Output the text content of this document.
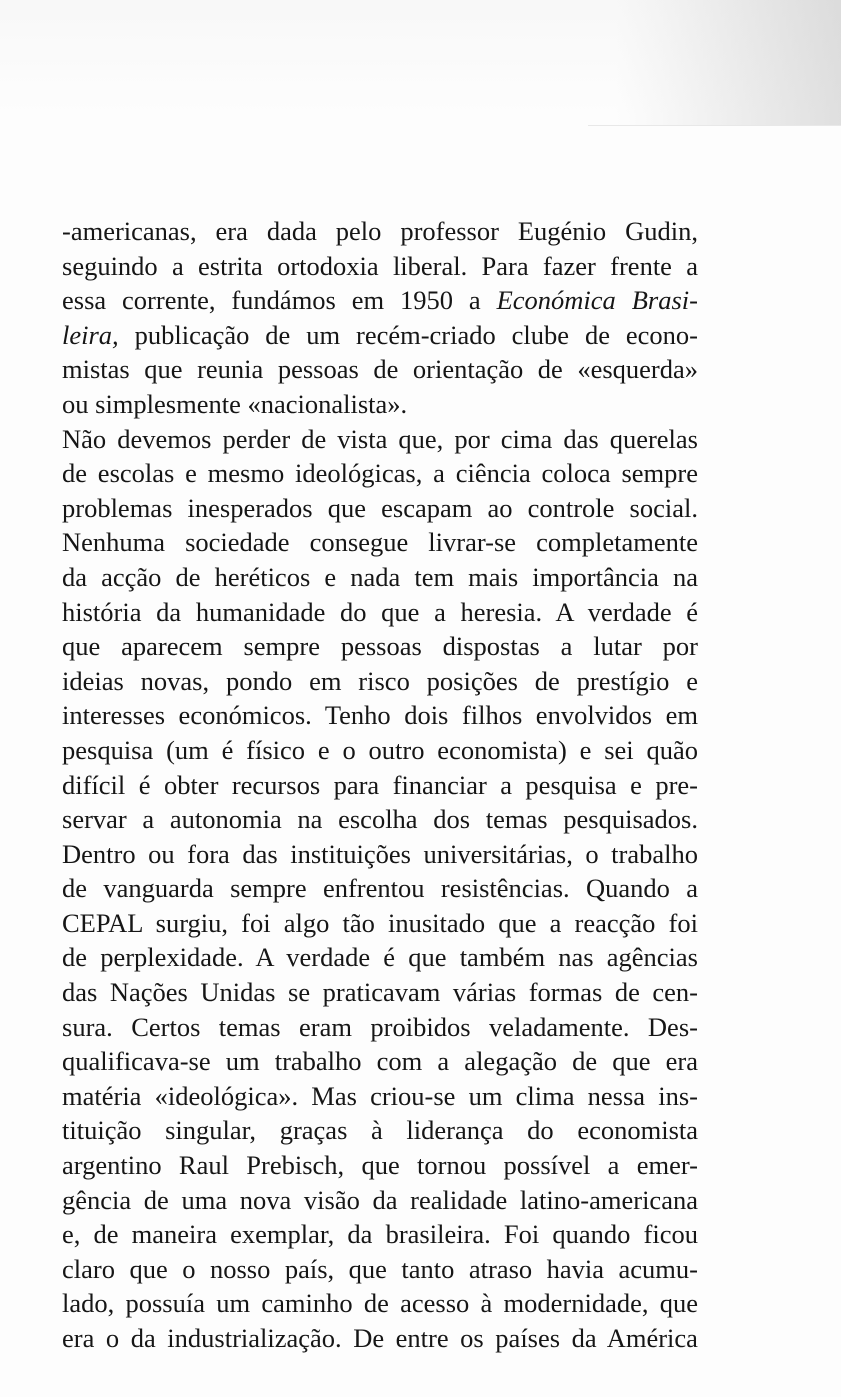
-americanas, era dada pelo professor Eugénio Gudin,
seguindo a estrita ortodoxia liberal. Para fazer frente a
essa corrente, fundámos em 1950 a Económica Brasi-
leira, publicação de um recém-criado clube de econo-
mistas que reunia pessoas de orientação de «esquerda»
ou simplesmente «nacionalista».
Não devemos perder de vista que, por cima das querelas
de escolas e mesmo ideológicas, a ciência coloca sempre
problemas inesperados que escapam ao controle social.
Nenhuma sociedade consegue livrar-se completamente
da acção de heréticos e nada tem mais importância na
história da humanidade do que a heresia. A verdade é
que aparecem sempre pessoas dispostas a lutar por
ideias novas, pondo em risco posições de prestígio e
interesses económicos. Tenho dois filhos envolvidos em
pesquisa (um é físico e o outro economista) e sei quão
difícil é obter recursos para financiar a pesquisa e pre-
servar a autonomia na escolha dos temas pesquisados.
Dentro ou fora das instituições universitárias, o trabalho
de vanguarda sempre enfrentou resistências. Quando a
CEPAL surgiu, foi algo tão inusitado que a reacção foi
de perplexidade. A verdade é que também nas agências
das Nações Unidas se praticavam várias formas de cen-
sura. Certos temas eram proibidos veladamente. Des-
qualificava-se um trabalho com a alegação de que era
matéria «ideológica». Mas criou-se um clima nessa ins-
tituição singular, graças à liderança do economista
argentino Raul Prebisch, que tornou possível a emer-
gência de uma nova visão da realidade latino-americana
e, de maneira exemplar, da brasileira. Foi quando ficou
claro que o nosso país, que tanto atraso havia acumu-
lado, possuía um caminho de acesso à modernidade, que
era o da industrialização. De entre os países da América
